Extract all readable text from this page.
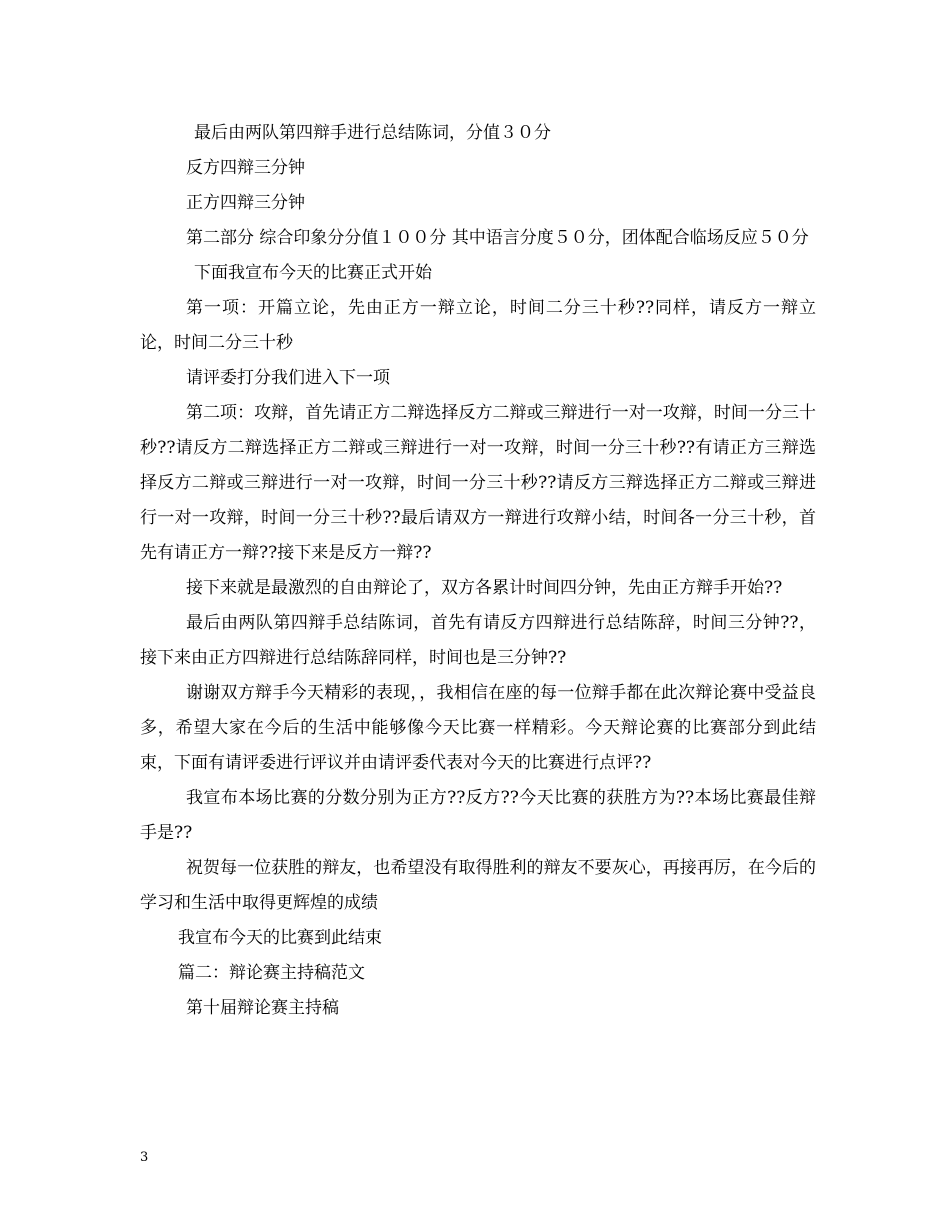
最后由两队第四辩手进行总结陈词，分值３０分

反方四辩三分钟

正方四辩三分钟

第二部分 综合印象分分值１００分 其中语言分度５０分，团体配合临场反应５０分

下面我宣布今天的比赛正式开始

第一项：开篇立论，先由正方一辩立论，时间二分三十秒??同样，请反方一辩立论，时间二分三十秒

请评委打分我们进入下一项

第二项：攻辩，首先请正方二辩选择反方二辩或三辩进行一对一攻辩，时间一分三十秒??请反方二辩选择正方二辩或三辩进行一对一攻辩，时间一分三十秒??有请正方三辩选择反方二辩或三辩进行一对一攻辩，时间一分三十秒??请反方三辩选择正方二辩或三辩进行一对一攻辩，时间一分三十秒??最后请双方一辩进行攻辩小结，时间各一分三十秒，首先有请正方一辩??接下来是反方一辩??

接下来就是最激烈的自由辩论了，双方各累计时间四分钟，先由正方辩手开始??

最后由两队第四辩手总结陈词，首先有请反方四辩进行总结陈辞，时间三分钟??，接下来由正方四辩进行总结陈辞同样，时间也是三分钟??

谢谢双方辩手今天精彩的表现，，我相信在座的每一位辩手都在此次辩论赛中受益良多，希望大家在今后的生活中能够像今天比赛一样精彩。今天辩论赛的比赛部分到此结束，下面有请评委进行评议并由请评委代表对今天的比赛进行点评??

我宣布本场比赛的分数分别为正方??反方??今天比赛的获胜方为??本场比赛最佳辩手是??

祝贺每一位获胜的辩友，也希望没有取得胜利的辩友不要灰心，再接再厉，在今后的学习和生活中取得更辉煌的成绩

我宣布今天的比赛到此结束

篇二：辩论赛主持稿范文

第十届辩论赛主持稿

3
